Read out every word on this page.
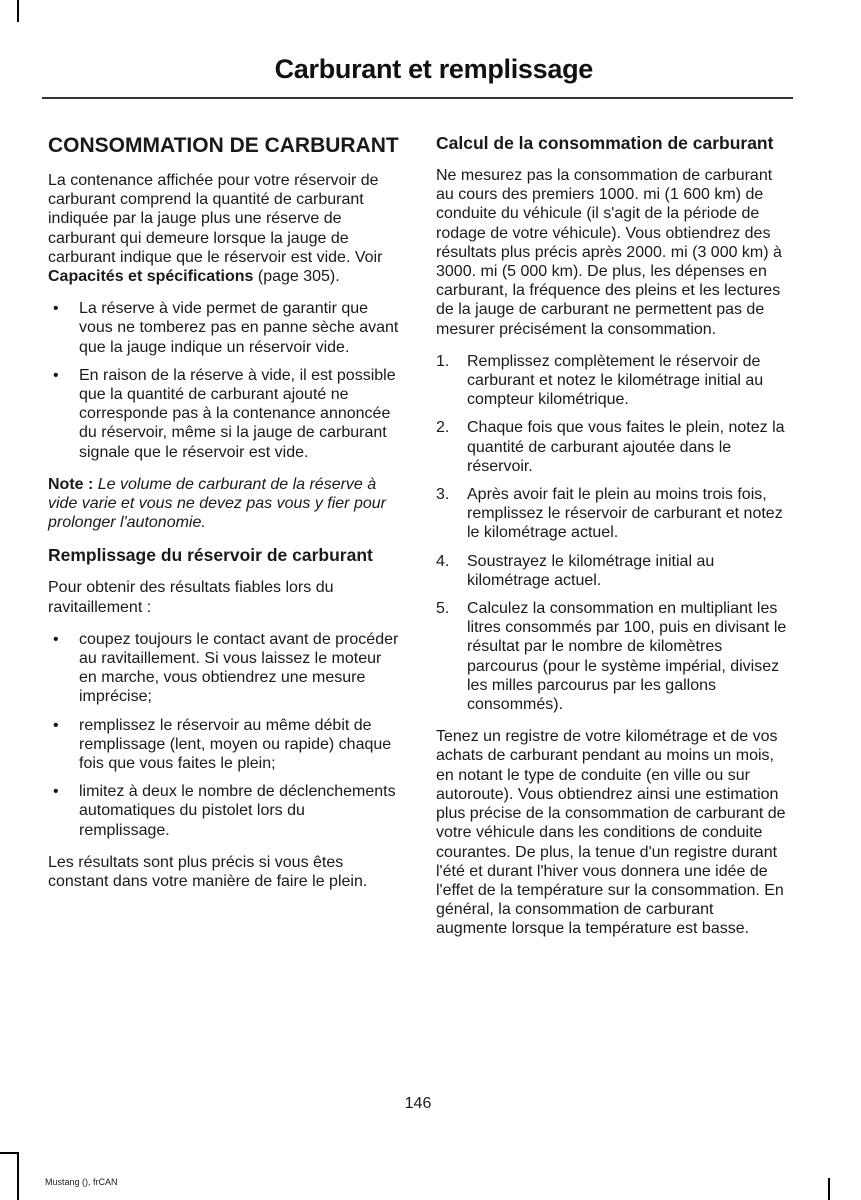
Carburant et remplissage
CONSOMMATION DE CARBURANT

La contenance affichée pour votre réservoir de carburant comprend la quantité de carburant indiquée par la jauge plus une réserve de carburant qui demeure lorsque la jauge de carburant indique que le réservoir est vide. Voir Capacités et spécifications (page 305).

• La réserve à vide permet de garantir que vous ne tomberez pas en panne sèche avant que la jauge indique un réservoir vide.
• En raison de la réserve à vide, il est possible que la quantité de carburant ajouté ne corresponde pas à la contenance annoncée du réservoir, même si la jauge de carburant signale que le réservoir est vide.

Note : Le volume de carburant de la réserve à vide varie et vous ne devez pas vous y fier pour prolonger l'autonomie.

Remplissage du réservoir de carburant

Pour obtenir des résultats fiables lors du ravitaillement :

• coupez toujours le contact avant de procéder au ravitaillement. Si vous laissez le moteur en marche, vous obtiendrez une mesure imprécise;
• remplissez le réservoir au même débit de remplissage (lent, moyen ou rapide) chaque fois que vous faites le plein;
• limitez à deux le nombre de déclenchements automatiques du pistolet lors du remplissage.

Les résultats sont plus précis si vous êtes constant dans votre manière de faire le plein.

Calcul de la consommation de carburant

Ne mesurez pas la consommation de carburant au cours des premiers 1000. mi (1 600 km) de conduite du véhicule (il s'agit de la période de rodage de votre véhicule). Vous obtiendrez des résultats plus précis après 2000. mi (3 000 km) à 3000. mi (5 000 km). De plus, les dépenses en carburant, la fréquence des pleins et les lectures de la jauge de carburant ne permettent pas de mesurer précisément la consommation.

1. Remplissez complètement le réservoir de carburant et notez le kilométrage initial au compteur kilométrique.
2. Chaque fois que vous faites le plein, notez la quantité de carburant ajoutée dans le réservoir.
3. Après avoir fait le plein au moins trois fois, remplissez le réservoir de carburant et notez le kilométrage actuel.
4. Soustrayez le kilométrage initial au kilométrage actuel.
5. Calculez la consommation en multipliant les litres consommés par 100, puis en divisant le résultat par le nombre de kilomètres parcourus (pour le système impérial, divisez les milles parcourus par les gallons consommés).

Tenez un registre de votre kilométrage et de vos achats de carburant pendant au moins un mois, en notant le type de conduite (en ville ou sur autoroute). Vous obtiendrez ainsi une estimation plus précise de la consommation de carburant de votre véhicule dans les conditions de conduite courantes. De plus, la tenue d'un registre durant l'été et durant l'hiver vous donnera une idée de l'effet de la température sur la consommation. En général, la consommation de carburant augmente lorsque la température est basse.

146
Mustang (), frCAN
